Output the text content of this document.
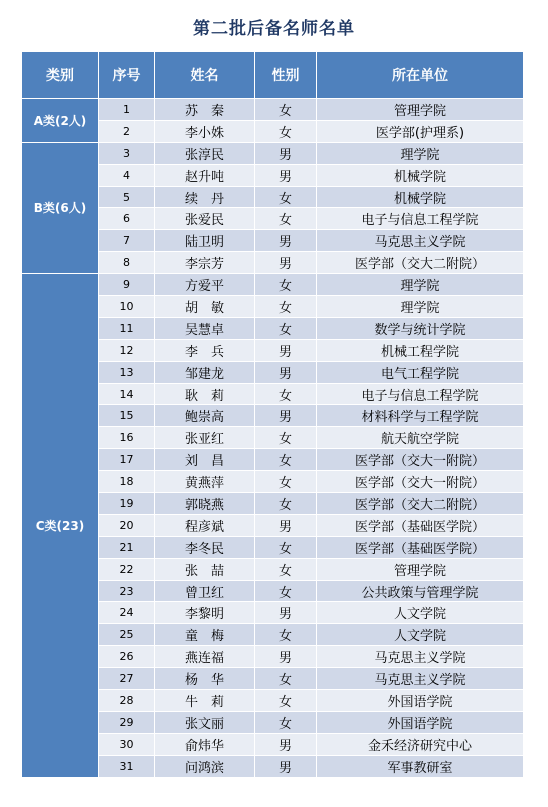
第二批后备名师名单
类别	序号	姓名	性别	所在单位
A类(2人)	1	苏　秦	女	管理学院
	2	李小姝	女	医学部(护理系)
B类(6人)	3	张淳民	男	理学院
	4	赵升吨	男	机械学院
	5	续　丹	女	机械学院
	6	张爱民	女	电子与信息工程学院
	7	陆卫明	男	马克思主义学院
	8	李宗芳	男	医学部（交大二附院）
C类(23)	9	方爱平	女	理学院
	10	胡　敏	女	理学院
	11	吴慧卓	女	数学与统计学院
	12	李　兵	男	机械工程学院
	13	邹建龙	男	电气工程学院
	14	耿　莉	女	电子与信息工程学院
	15	鲍崇高	男	材料科学与工程学院
	16	张亚红	女	航天航空学院
	17	刘　昌	女	医学部（交大一附院）
	18	黄燕萍	女	医学部（交大一附院）
	19	郭晓燕	女	医学部（交大二附院）
	20	程彦斌	男	医学部（基础医学院）
	21	李冬民	女	医学部（基础医学院）
	22	张　喆	女	管理学院
	23	曾卫红	女	公共政策与管理学院
	24	李黎明	男	人文学院
	25	童　梅	女	人文学院
	26	燕连福	男	马克思主义学院
	27	杨　华	女	马克思主义学院
	28	牛　莉	女	外国语学院
	29	张文丽	女	外国语学院
	30	俞炜华	男	金禾经济研究中心
	31	问鸿滨	男	军事教研室
